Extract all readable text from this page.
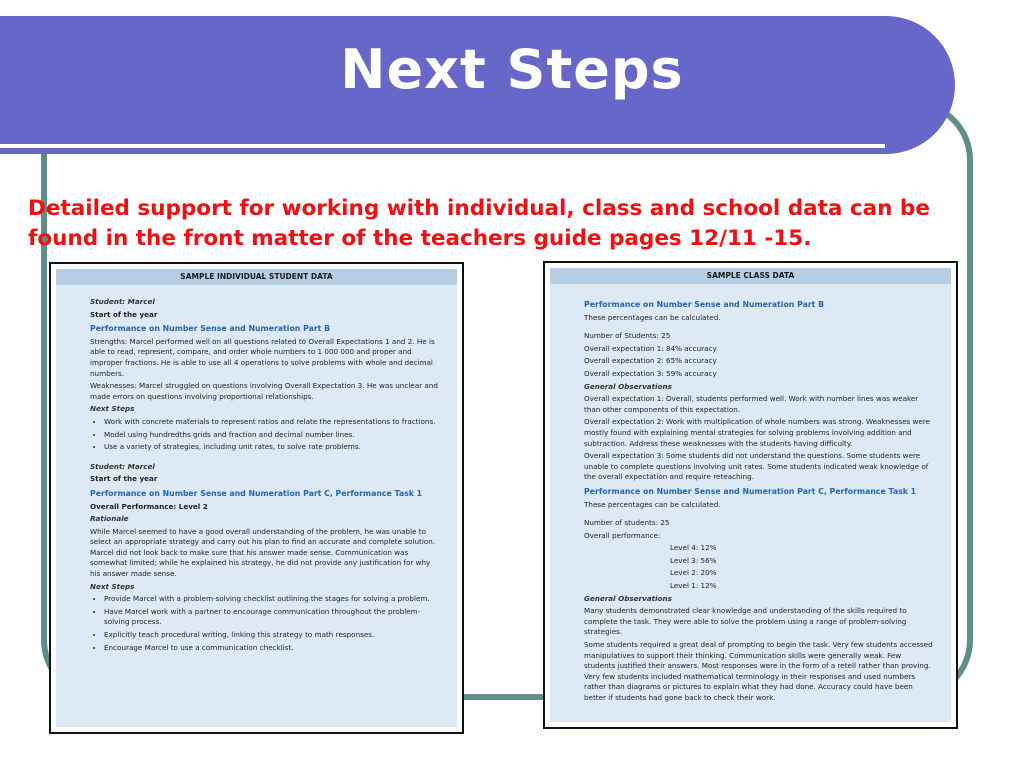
Next Steps
Detailed support for working with individual, class and school data can be found in the front matter of the teachers guide pages 12/11 -15.
SAMPLE INDIVIDUAL STUDENT DATA

Student: Marcel

Start of the year

Performance on Number Sense and Numeration Part B

Strengths: Marcel performed well on all questions related to Overall Expectations 1 and 2. He is able to read, represent, compare, and order whole numbers to 1 000 000 and proper and improper fractions. He is able to use all 4 operations to solve problems with whole and decimal numbers.

Weaknesses: Marcel struggled on questions involving Overall Expectation 3. He was unclear and made errors on questions involving proportional relationships.

Next Steps

• Work with concrete materials to represent ratios and relate the representations to fractions.
• Model using hundredths grids and fraction and decimal number lines.
• Use a variety of strategies, including unit rates, to solve rate problems.

Student: Marcel

Start of the year

Performance on Number Sense and Numeration Part C, Performance Task 1

Overall Performance: Level 2

Rationale

While Marcel seemed to have a good overall understanding of the problem, he was unable to select an appropriate strategy and carry out his plan to find an accurate and complete solution. Marcel did not look back to make sure that his answer made sense. Communication was somewhat limited; while he explained his strategy, he did not provide any justification for why his answer made sense.

Next Steps

• Provide Marcel with a problem-solving checklist outlining the stages for solving a problem.
• Have Marcel work with a partner to encourage communication throughout the problem-solving process.
• Explicitly teach procedural writing, linking this strategy to math responses.
• Encourage Marcel to use a communication checklist.
SAMPLE CLASS DATA

Performance on Number Sense and Numeration Part B

These percentages can be calculated.

Number of Students: 25

Overall expectation 1: 84% accuracy

Overall expectation 2: 65% accuracy

Overall expectation 3: 59% accuracy

General Observations

Overall expectation 1: Overall, students performed well. Work with number lines was weaker than other components of this expectation.

Overall expectation 2: Work with multiplication of whole numbers was strong. Weaknesses were mostly found with explaining mental strategies for solving problems involving addition and subtraction. Address these weaknesses with the students having difficulty.

Overall expectation 3: Some students did not understand the questions. Some students were unable to complete questions involving unit rates. Some students indicated weak knowledge of the overall expectation and require reteaching.

Performance on Number Sense and Numeration Part C, Performance Task 1

These percentages can be calculated.

Number of students: 25

Overall performance:

Level 4: 12%

Level 3: 56%

Level 2: 20%

Level 1: 12%

General Observations

Many students demonstrated clear knowledge and understanding of the skills required to complete the task. They were able to solve the problem using a range of problem-solving strategies.

Some students required a great deal of prompting to begin the task. Very few students accessed manipulatives to support their thinking. Communication skills were generally weak. Few students justified their answers. Most responses were in the form of a retell rather than proving. Very few students included mathematical terminology in their responses and used numbers rather than diagrams or pictures to explain what they had done. Accuracy could have been better if students had gone back to check their work.
